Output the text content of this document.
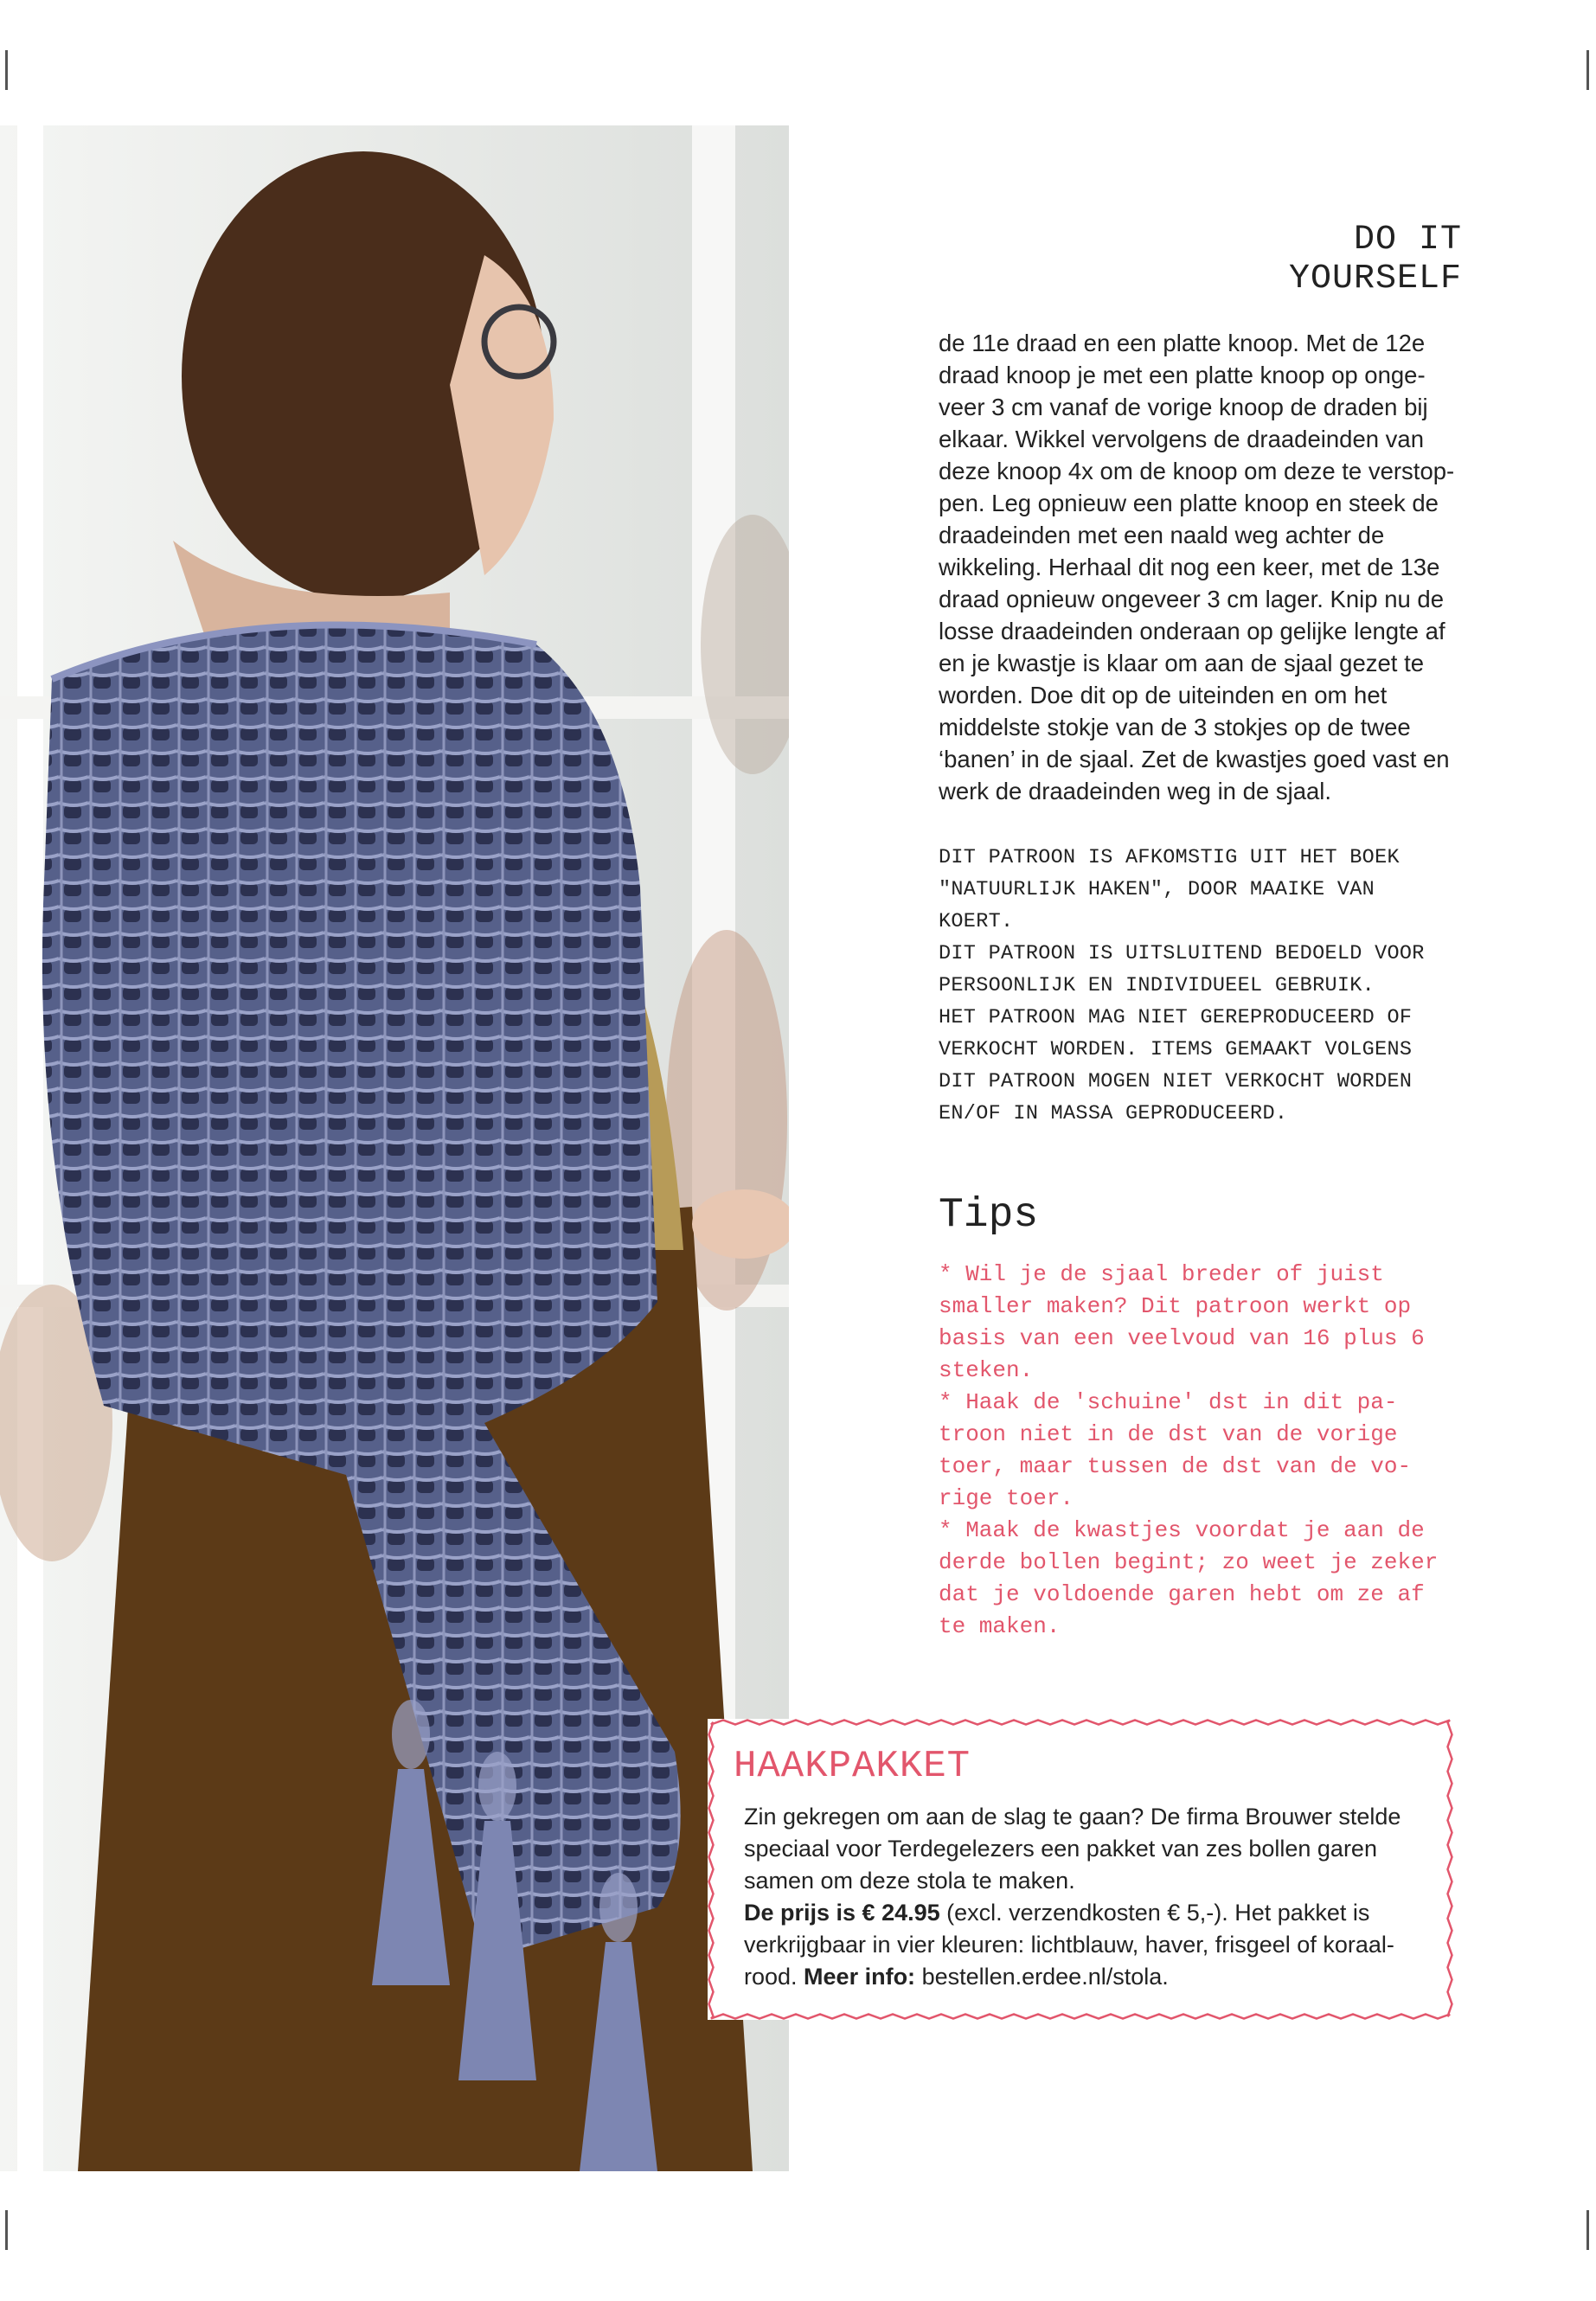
DO IT YOURSELF
de 11e draad en een platte knoop. Met de 12e draad knoop je met een platte knoop op onge-veer 3 cm vanaf de vorige knoop de draden bij elkaar. Wikkel vervolgens de draadeinden van deze knoop 4x om de knoop om deze te verstop-pen. Leg opnieuw een platte knoop en steek de draadeinden met een naald weg achter de wikkeling. Herhaal dit nog een keer, met de 13e draad opnieuw ongeveer 3 cm lager. Knip nu de losse draadeinden onderaan op gelijke lengte af en je kwastje is klaar om aan de sjaal gezet te worden. Doe dit op de uiteinden en om het middelste stokje van de 3 stokjes op de twee ‘banen’ in de sjaal. Zet de kwastjes goed vast en werk de draadeinden weg in de sjaal.
DIT PATROON IS AFKOMSTIG UIT HET BOEK
"NATUURLIJK HAKEN", DOOR MAAIKE VAN
KOERT.
DIT PATROON IS UITSLUITEND BEDOELD VOOR
PERSOONLIJK EN INDIVIDUEEL GEBRUIK.
HET PATROON MAG NIET GEREPRODUCEERD OF
VERKOCHT WORDEN. ITEMS GEMAAKT VOLGENS
DIT PATROON MOGEN NIET VERKOCHT WORDEN
EN/OF IN MASSA GEPRODUCEERD.
Tips
* Wil je de sjaal breder of juist
smaller maken? Dit patroon werkt op
basis van een veelvoud van 16 plus 6
steken.
* Haak de 'schuine' dst in dit pa-
troon niet in de dst van de vorige
toer, maar tussen de dst van de vo-
rige toer.
* Maak de kwastjes voordat je aan de
derde bollen begint; zo weet je zeker
dat je voldoende garen hebt om ze af
te maken.
HAAKPAKKET
Zin gekregen om aan de slag te gaan? De firma Brouwer stelde speciaal voor Terdegelezers een pakket van zes bollen garen samen om deze stola te maken.
De prijs is € 24.95 (excl. verzendkosten € 5,-). Het pakket is verkrijgbaar in vier kleuren: lichtblauw, haver, frisgeel of koraal-rood. Meer info: bestellen.erdee.nl/stola.
